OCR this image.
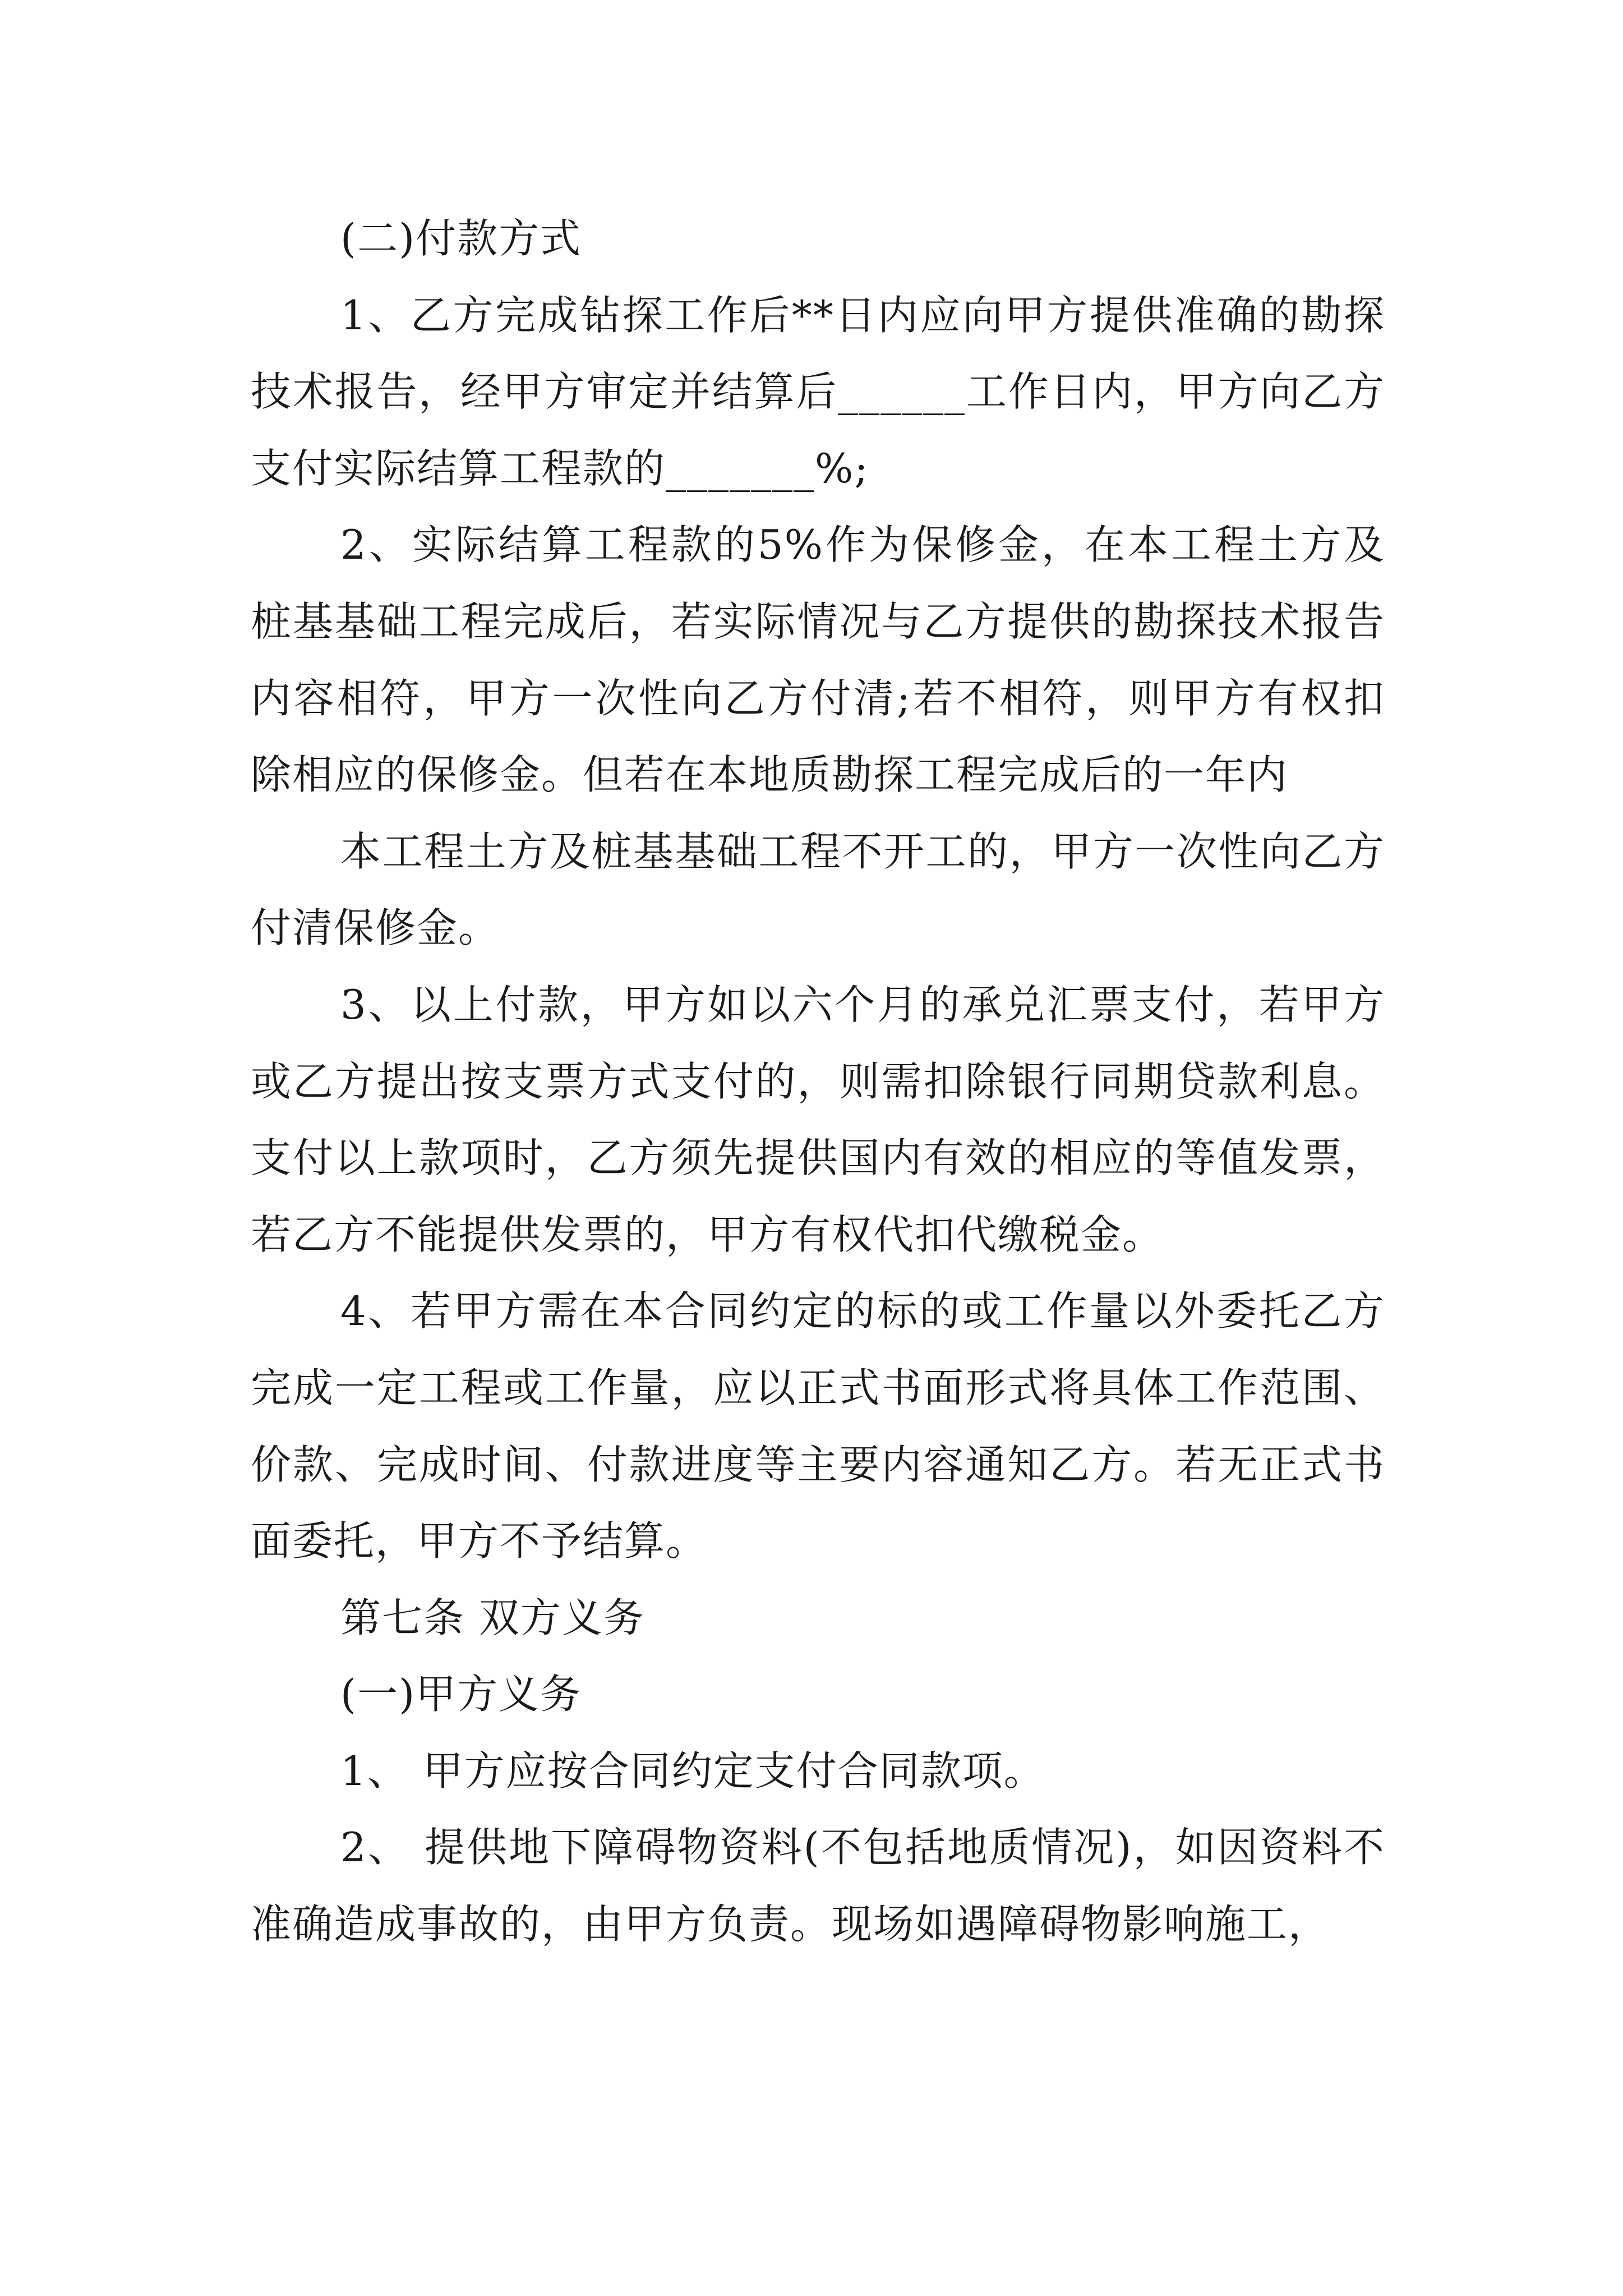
(二)付款方式

1、乙方完成钻探工作后**日内应向甲方提供准确的勘探技术报告，经甲方审定并结算后______工作日内，甲方向乙方支付实际结算工程款的_______%;

2、实际结算工程款的5%作为保修金，在本工程土方及桩基基础工程完成后，若实际情况与乙方提供的勘探技术报告内容相符，甲方一次性向乙方付清;若不相符，则甲方有权扣除相应的保修金。但若在本地质勘探工程完成后的一年内

本工程土方及桩基基础工程不开工的，甲方一次性向乙方付清保修金。

3、以上付款，甲方如以六个月的承兑汇票支付，若甲方或乙方提出按支票方式支付的，则需扣除银行同期贷款利息。支付以上款项时，乙方须先提供国内有效的相应的等值发票，若乙方不能提供发票的，甲方有权代扣代缴税金。

4、若甲方需在本合同约定的标的或工作量以外委托乙方完成一定工程或工作量，应以正式书面形式将具体工作范围、价款、完成时间、付款进度等主要内容通知乙方。若无正式书面委托，甲方不予结算。

第七条 双方义务

(一)甲方义务

1、 甲方应按合同约定支付合同款项。

2、 提供地下障碍物资料(不包括地质情况)，如因资料不准确造成事故的，由甲方负责。现场如遇障碍物影响施工，
